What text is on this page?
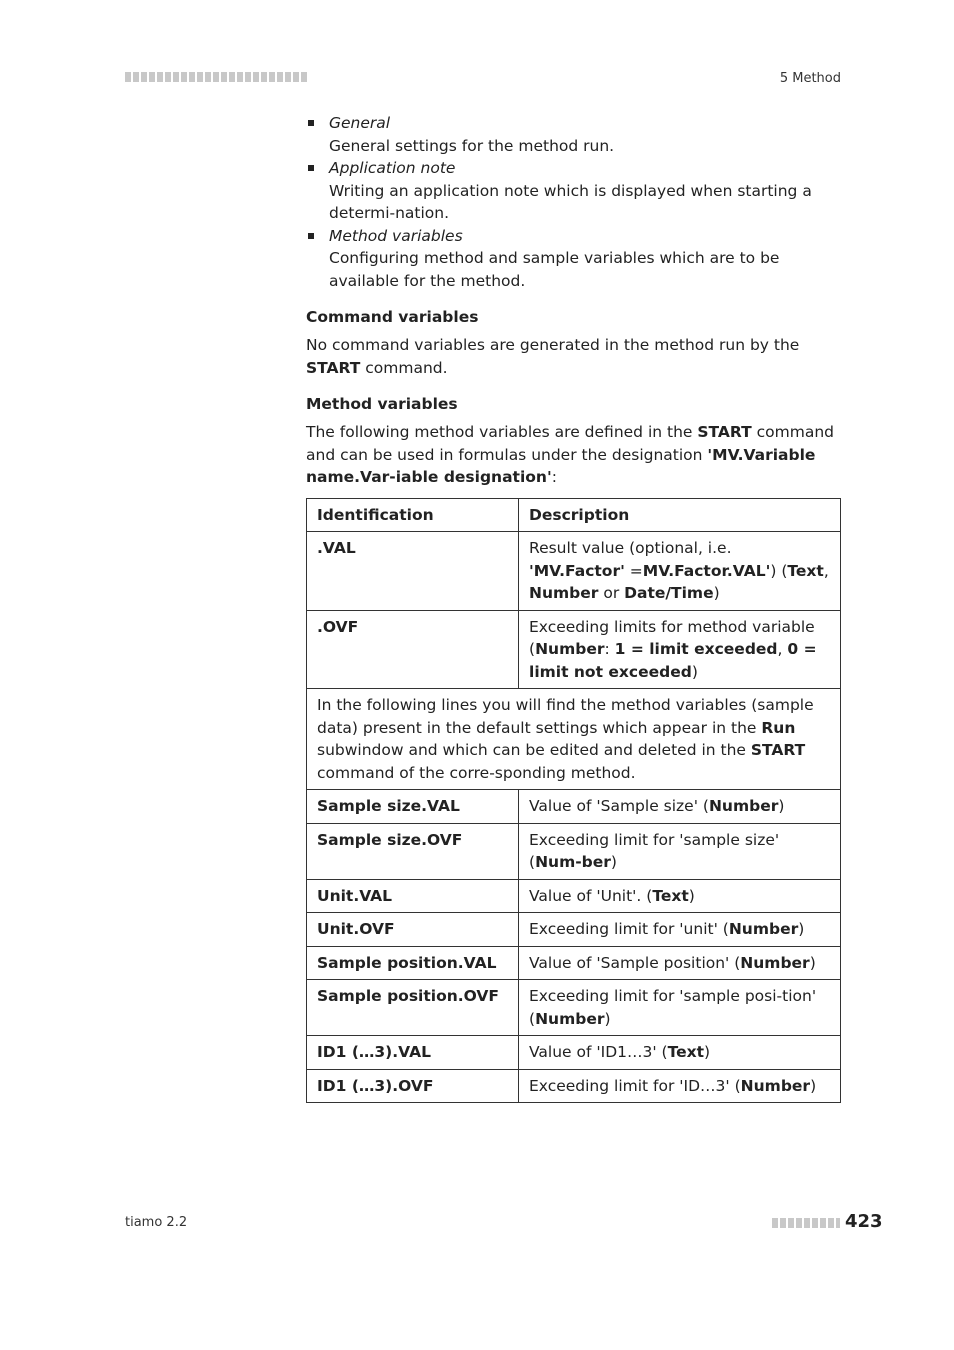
5 Method
General
General settings for the method run.
Application note
Writing an application note which is displayed when starting a determi-nation.
Method variables
Configuring method and sample variables which are to be available for the method.
Command variables

No command variables are generated in the method run by the START command.

Method variables

The following method variables are defined in the START command and can be used in formulas under the designation 'MV.Variable name.Var-iable designation':

Identification	Description
.VAL	Result value (optional, i.e. 'MV.Factor' =MV.Factor.VAL') (Text, Number or Date/Time)
.OVF	Exceeding limits for method variable (Number: 1 = limit exceeded, 0 = limit not exceeded)
In the following lines you will find the method variables (sample data) present in the default settings which appear in the Run subwindow and which can be edited and deleted in the START command of the corre-sponding method.	
Sample size.VAL	Value of 'Sample size' (Number)
Sample size.OVF	Exceeding limit for 'sample size' (Num-ber)
Unit.VAL	Value of 'Unit'. (Text)
Unit.OVF	Exceeding limit for 'unit' (Number)
Sample position.VAL	Value of 'Sample position' (Number)
Sample position.OVF	Exceeding limit for 'sample posi-tion' (Number)
ID1 (…3).VAL	Value of 'ID1…3' (Text)
ID1 (…3).OVF	Exceeding limit for 'ID…3' (Number)
tiamo 2.2	423
